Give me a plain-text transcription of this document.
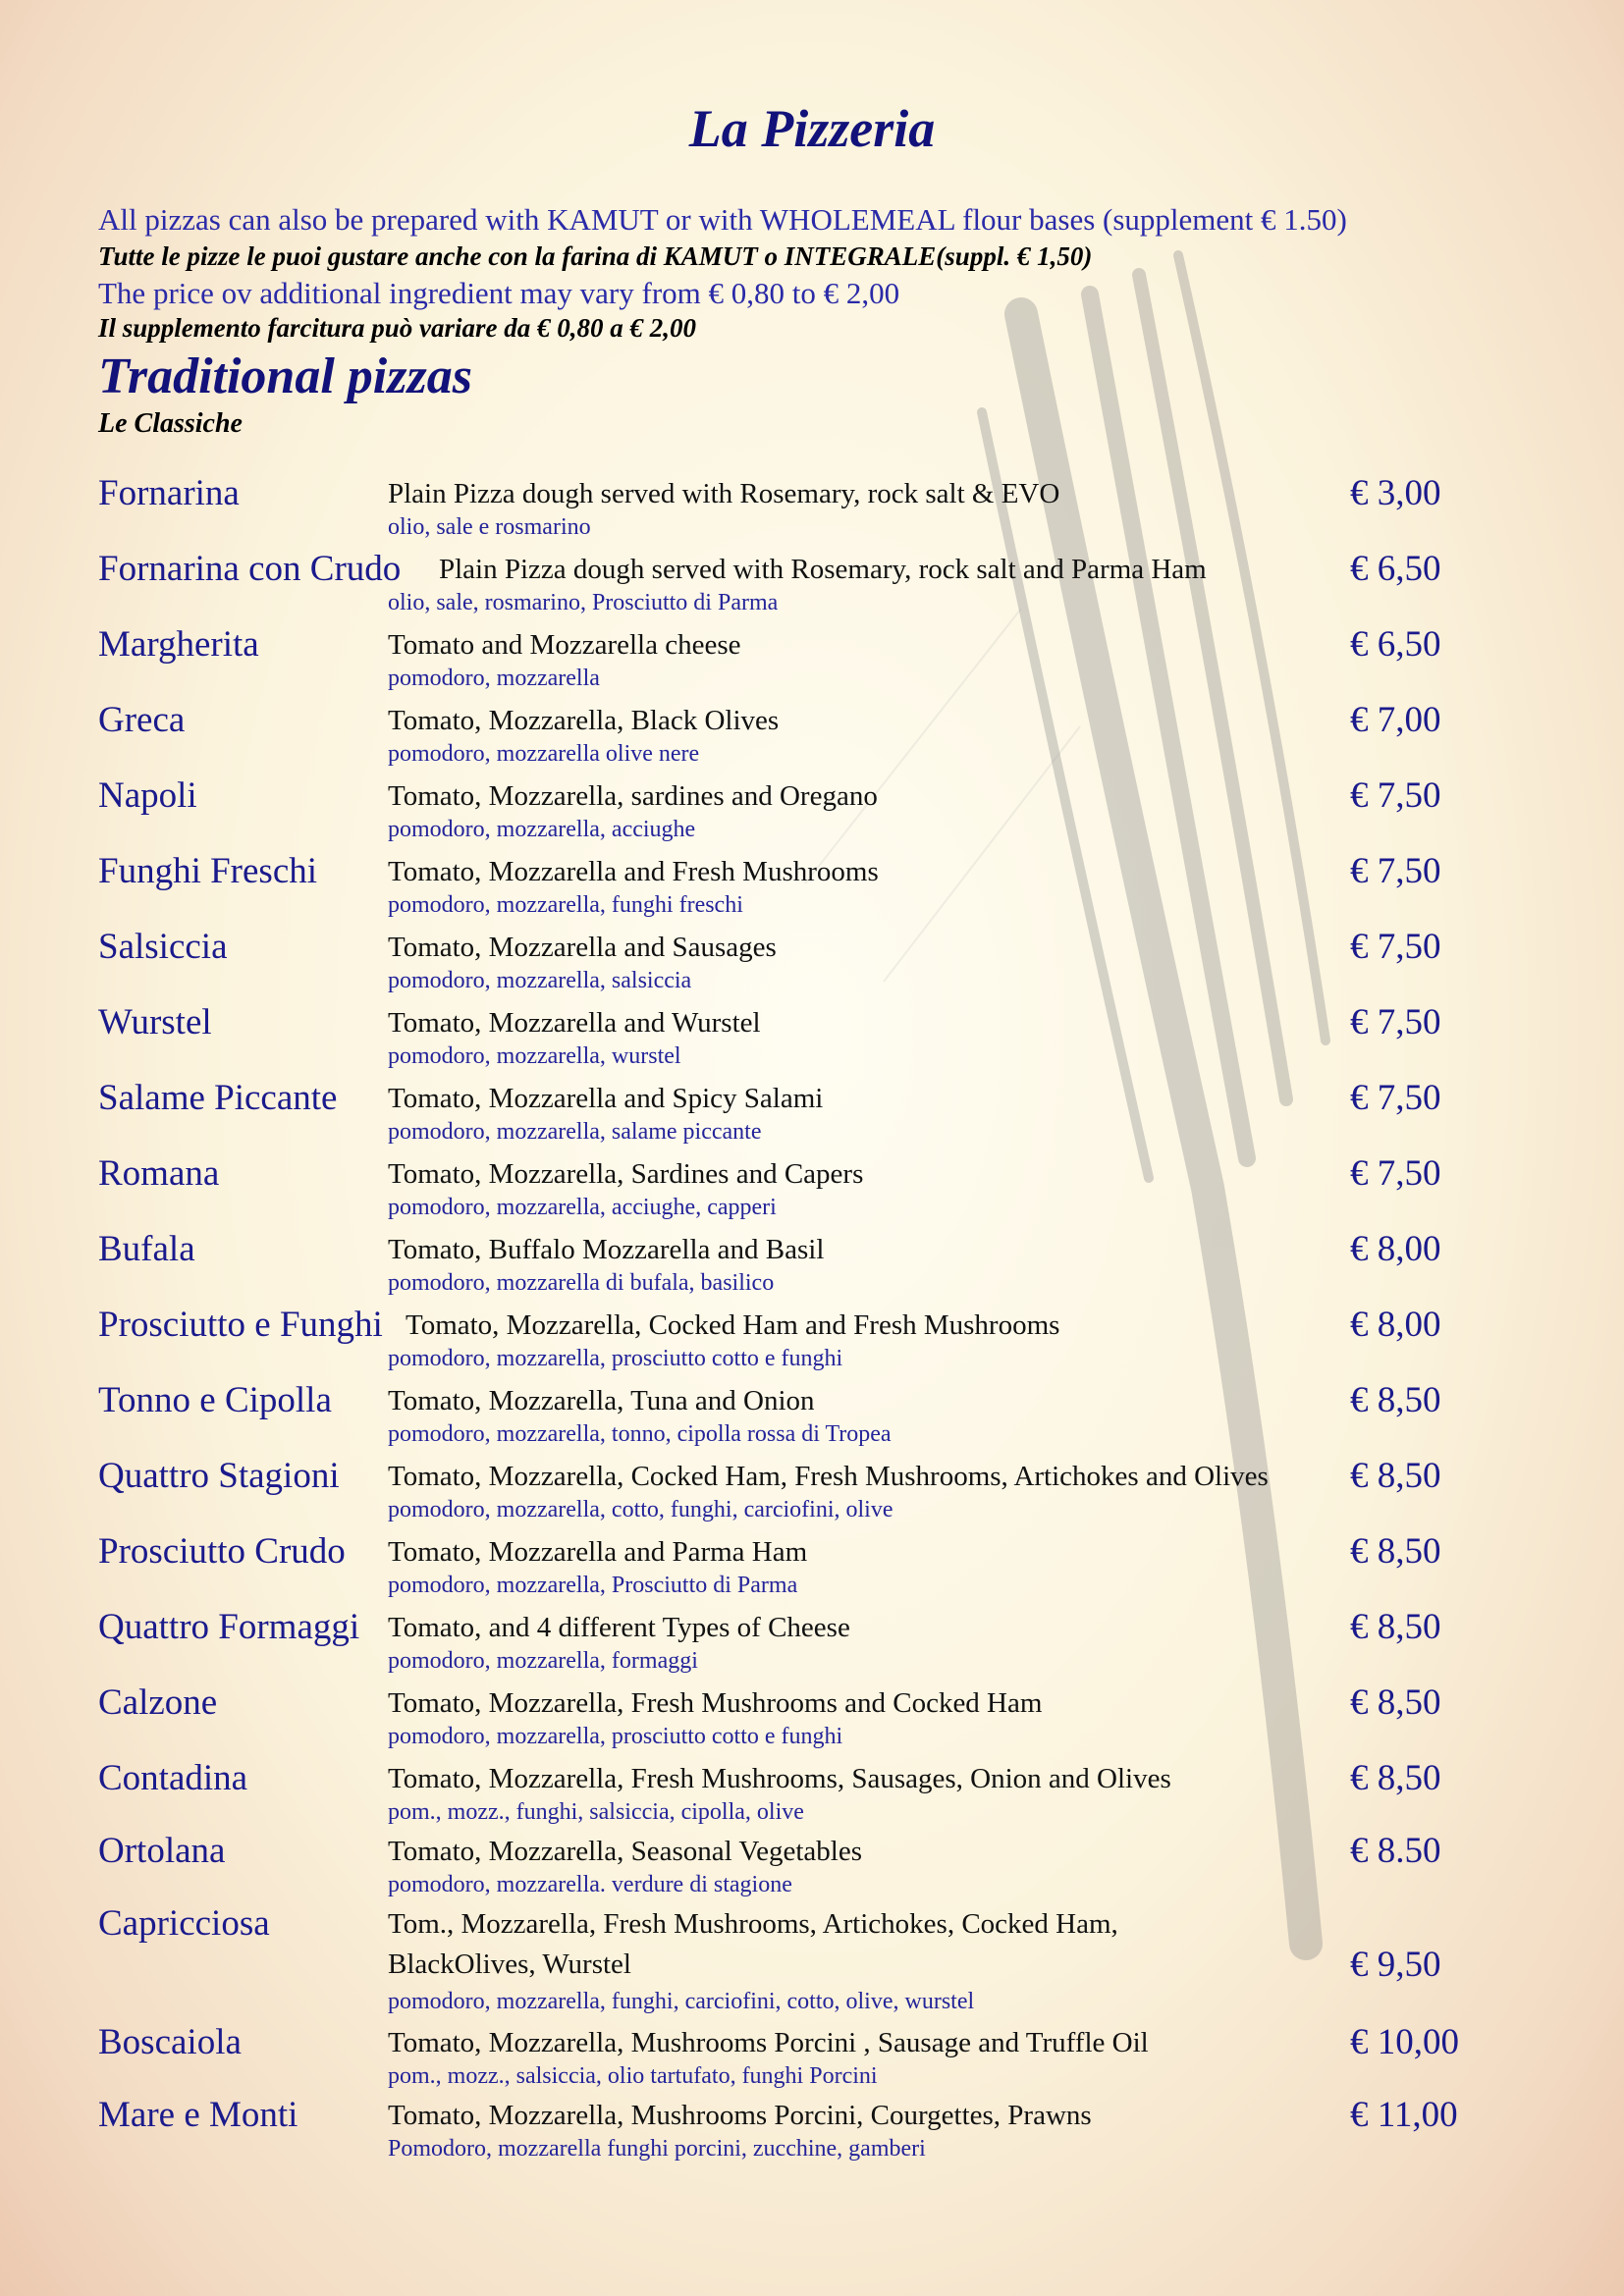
La Pizzeria
All pizzas can also be prepared with KAMUT or with WHOLEMEAL flour bases (supplement € 1.50)
Tutte le pizze le puoi gustare anche con la farina di KAMUT o INTEGRALE(suppl. € 1,50)
The price ov additional ingredient may vary from € 0,80 to € 2,00
Il supplemento farcitura può variare da € 0,80 a € 2,00
Traditional pizzas
Le Classiche
Fornarina	Plain Pizza dough served with Rosemary, rock salt & EVO
olio, sale e rosmarino
€ 3,00
Fornarina con Crudo Plain Pizza dough served with Rosemary, rock salt and Parma Ham
olio, sale, rosmarino, Prosciutto di Parma
€ 6,50
Margherita	Tomato and Mozzarella cheese
pomodoro, mozzarella
€ 6,50
Greca	Tomato, Mozzarella, Black Olives
pomodoro, mozzarella olive nere
€ 7,00
Napoli	Tomato, Mozzarella, sardines and Oregano
pomodoro, mozzarella, acciughe
€ 7,50
Funghi Freschi Tomato, Mozzarella and Fresh Mushrooms
pomodoro, mozzarella, funghi freschi
€ 7,50
Salsiccia	Tomato, Mozzarella and Sausages
pomodoro, mozzarella, salsiccia
€ 7,50
Wurstel	Tomato, Mozzarella and Wurstel
pomodoro, mozzarella, wurstel
€ 7,50
Salame Piccante Tomato, Mozzarella and Spicy Salami
pomodoro, mozzarella, salame piccante
€ 7,50
Romana	Tomato, Mozzarella, Sardines and Capers
pomodoro, mozzarella, acciughe, capperi
€ 7,50
Bufala	Tomato, Buffalo Mozzarella and Basil
pomodoro, mozzarella di bufala, basilico
€ 8,00
Prosciutto e Funghi Tomato, Mozzarella, Cocked Ham and Fresh Mushrooms
pomodoro, mozzarella, prosciutto cotto e funghi
€ 8,00
Tonno e Cipolla Tomato, Mozzarella, Tuna and Onion
pomodoro, mozzarella, tonno, cipolla rossa di Tropea
€ 8,50
Quattro Stagioni Tomato, Mozzarella, Cocked Ham, Fresh Mushrooms, Artichokes and Olives
pomodoro, mozzarella, cotto, funghi, carciofini, olive
€ 8,50
Prosciutto Crudo Tomato, Mozzarella and Parma Ham
pomodoro, mozzarella, Prosciutto di Parma
€ 8,50
Quattro Formaggi Tomato, and 4 different Types of Cheese
pomodoro, mozzarella, formaggi
€ 8,50
Calzone	Tomato, Mozzarella, Fresh Mushrooms and Cocked Ham
pomodoro, mozzarella, prosciutto cotto e funghi
€ 8,50
Contadina	Tomato, Mozzarella, Fresh Mushrooms, Sausages, Onion and Olives
pom., mozz., funghi, salsiccia, cipolla, olive
€ 8,50
Ortolana	Tomato, Mozzarella, Seasonal Vegetables
pomodoro, mozzarella. verdure di stagione
€ 8.50
Capricciosa	Tom., Mozzarella, Fresh Mushrooms, Artichokes, Cocked Ham,
BlackOlives, Wurstel
pomodoro, mozzarella, funghi, carciofini, cotto, olive, wurstel
€ 9,50
Boscaiola	Tomato, Mozzarella, Mushrooms Porcini , Sausage and Truffle Oil
pom., mozz., salsiccia, olio tartufato, funghi Porcini
€ 10,00
Mare e Monti	Tomato, Mozzarella, Mushrooms Porcini, Courgettes, Prawns
Pomodoro, mozzarella funghi porcini, zucchine, gamberi
€ 11,00
